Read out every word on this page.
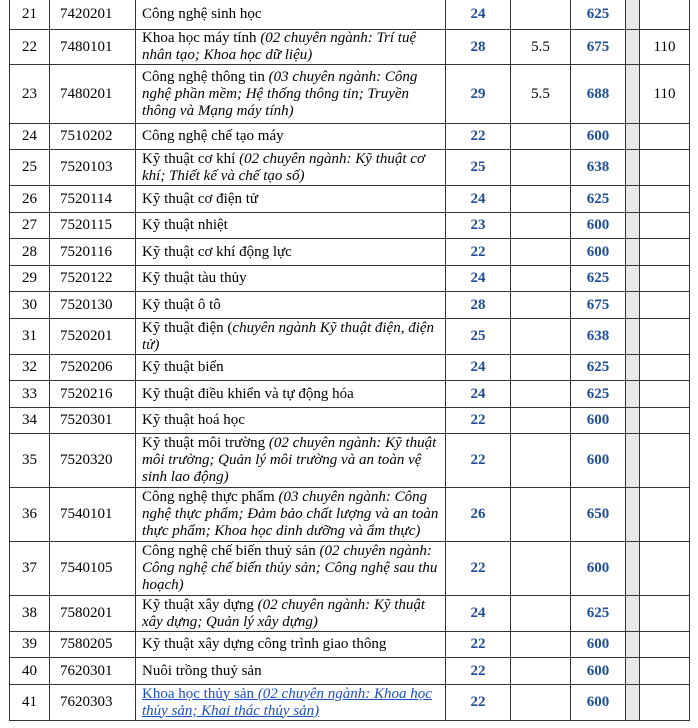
21	7420201	Công nghệ sinh học	24		625		
22	7480101	Khoa học máy tính (02 chuyên ngành: Trí tuệ nhân tạo; Khoa học dữ liệu)	28	5.5	675		110
23	7480201	Công nghệ thông tin (03 chuyên ngành: Công nghệ phần mềm; Hệ thống thông tin; Truyền thông và Mạng máy tính)	29	5.5	688		110
24	7510202	Công nghệ chế tạo máy	22		600		
25	7520103	Kỹ thuật cơ khí (02 chuyên ngành: Kỹ thuật cơ khí; Thiết kế và chế tạo số)	25		638		
26	7520114	Kỹ thuật cơ điện tử	24		625		
27	7520115	Kỹ thuật nhiệt	23		600		
28	7520116	Kỹ thuật cơ khí động lực	22		600		
29	7520122	Kỹ thuật tàu thủy	24		625		
30	7520130	Kỹ thuật ô tô	28		675		
31	7520201	Kỹ thuật điện (chuyên ngành Kỹ thuật điện, điện tử)	25		638		
32	7520206	Kỹ thuật biển	24		625		
33	7520216	Kỹ thuật điều khiển và tự động hóa	24		625		
34	7520301	Kỹ thuật hoá học	22		600		
35	7520320	Kỹ thuật môi trường (02 chuyên ngành: Kỹ thuật môi trường; Quản lý môi trường và an toàn vệ sinh lao động)	22		600		
36	7540101	Công nghệ thực phẩm (03 chuyên ngành: Công nghệ thực phẩm; Đảm bảo chất lượng và an toàn thực phẩm; Khoa học dinh dưỡng và ẩm thực)	26		650		
37	7540105	Công nghệ chế biến thuỷ sản (02 chuyên ngành: Công nghệ chế biến thủy sản; Công nghệ sau thu hoạch)	22		600		
38	7580201	Kỹ thuật xây dựng (02 chuyên ngành: Kỹ thuật xây dựng; Quản lý xây dựng)	24		625		
39	7580205	Kỹ thuật xây dựng công trình giao thông	22		600		
40	7620301	Nuôi trồng thuỷ sản	22		600		
41	7620303	Khoa học thủy sản (02 chuyên ngành: Khoa học thủy sản; Khai thác thủy sản)	22		600		
